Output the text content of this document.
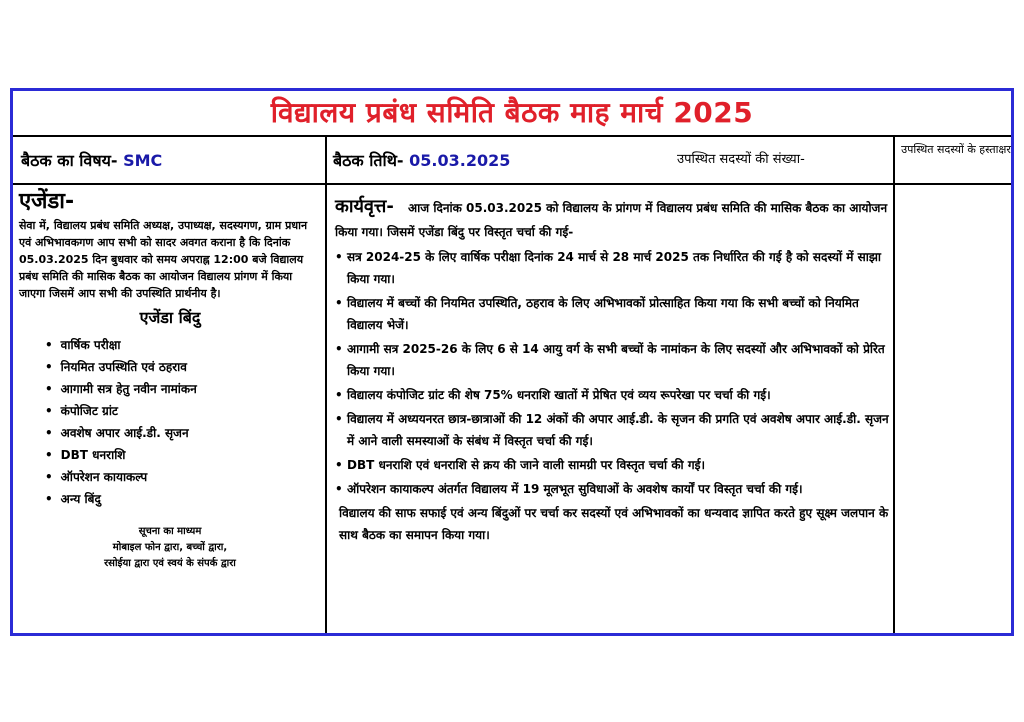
विद्यालय प्रबंध समिति बैठक माह मार्च 2025
बैठक का विषय- SMC	बैठक तिथि- 05.03.2025	उपस्थित सदस्यों की संख्या-
उपस्थित सदस्यों के हस्ताक्षर
एजेंडा-
सेवा में, विद्यालय प्रबंध समिति अध्यक्ष, उपाध्यक्ष, सदस्यगण, ग्राम प्रधान एवं अभिभावकगण आप सभी को सादर अवगत कराना है कि दिनांक 05.03.2025 दिन बुधवार को समय अपराह्न 12:00 बजे विद्यालय प्रबंध समिति की मासिक बैठक का आयोजन विद्यालय प्रांगण में किया जाएगा जिसमें आप सभी की उपस्थिति प्रार्थनीय है।
एजेंडा बिंदु
• वार्षिक परीक्षा
• नियमित उपस्थिति एवं ठहराव
• आगामी सत्र हेतु नवीन नामांकन
• कंपोजिट ग्रांट
• अवशेष अपार आई.डी. सृजन
• DBT धनराशि
• ऑपरेशन कायाकल्प
• अन्य बिंदु
सूचना का माध्यम
मोबाइल फोन द्वारा, बच्चों द्वारा,
रसोईया द्वारा एवं स्वयं के संपर्क द्वारा
कार्यवृत्त- आज दिनांक 05.03.2025 को विद्यालय के प्रांगण में विद्यालय प्रबंध समिति की मासिक बैठक का आयोजन किया गया। जिसमें एजेंडा बिंदु पर विस्तृत चर्चा की गई-
• सत्र 2024-25 के लिए वार्षिक परीक्षा दिनांक 24 मार्च से 28 मार्च 2025 तक निर्धारित की गई है को सदस्यों में साझा किया गया।
• विद्यालय में बच्चों की नियमित उपस्थिति, ठहराव के लिए अभिभावकों प्रोत्साहित किया गया कि सभी बच्चों को नियमित विद्यालय भेजें।
• आगामी सत्र 2025-26 के लिए 6 से 14 आयु वर्ग के सभी बच्चों के नामांकन के लिए सदस्यों और अभिभावकों को प्रेरित किया गया।
• विद्यालय कंपोजिट ग्रांट की शेष 75% धनराशि खातों में प्रेषित एवं व्यय रूपरेखा पर चर्चा की गई।
• विद्यालय में अध्ययनरत छात्र-छात्राओं की 12 अंकों की अपार आई.डी. के सृजन की प्रगति एवं अवशेष अपार आई.डी. सृजन में आने वाली समस्याओं के संबंध में विस्तृत चर्चा की गई।
• DBT धनराशि एवं धनराशि से क्रय की जाने वाली सामग्री पर विस्तृत चर्चा की गई।
• ऑपरेशन कायाकल्प अंतर्गत विद्यालय में 19 मूलभूत सुविधाओं के अवशेष कार्यों पर विस्तृत चर्चा की गई।
विद्यालय की साफ सफाई एवं अन्य बिंदुओं पर चर्चा कर सदस्यों एवं अभिभावकों का धन्यवाद ज्ञापित करते हुए सूक्ष्म जलपान के साथ बैठक का समापन किया गया।
